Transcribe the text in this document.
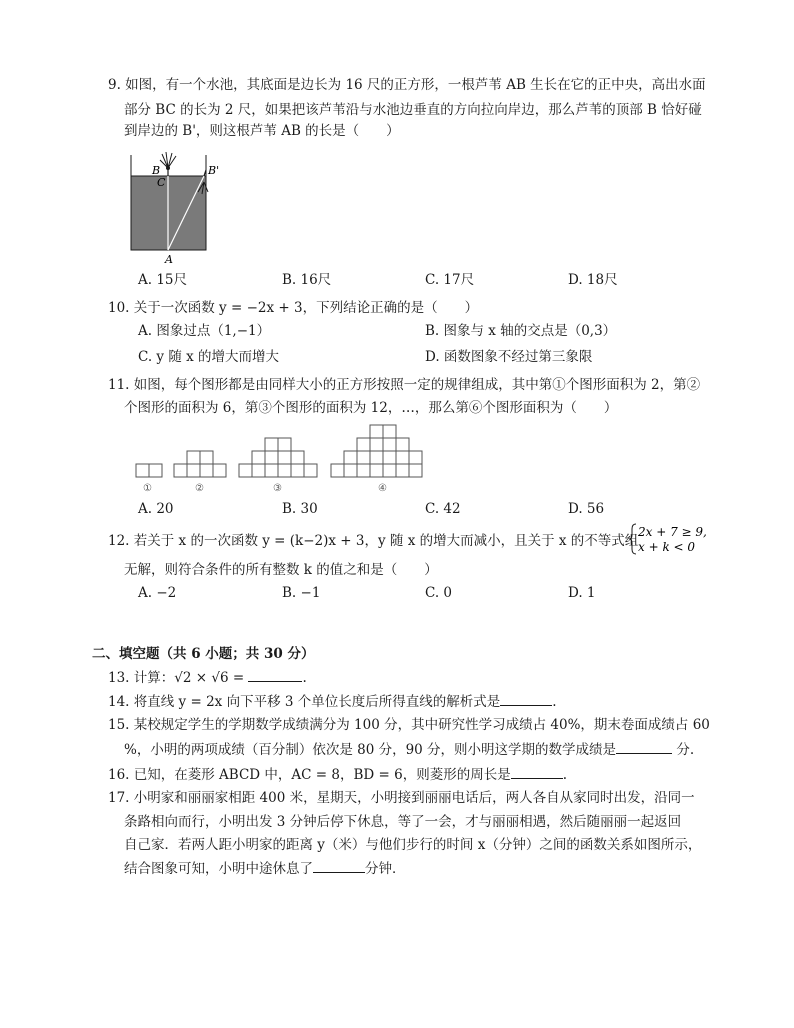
9. 如图，有一个水池，其底面是边长为 16 尺的正方形，一根芦苇 AB 生长在它的正中央，高出水面
部分 BC 的长为 2 尺，如果把该芦苇沿与水池边垂直的方向拉向岸边，那么芦苇的顶部 B 恰好碰
到岸边的 B'，则这根芦苇 AB 的长是（　　）
B
C
B'
A
A. 15尺	B. 16尺	C. 17尺	D. 18尺
10. 关于一次函数 y = −2x + 3，下列结论正确的是（　　）
A. 图象过点（1,−1）	B. 图象与 x 轴的交点是（0,3）
C. y 随 x 的增大而增大	D. 函数图象不经过第三象限
11. 如图，每个图形都是由同样大小的正方形按照一定的规律组成，其中第①个图形面积为 2，第②
个图形的面积为 6，第③个图形的面积为 12，…，那么第⑥个图形面积为（　　）
①	②	③	④
A. 20	B. 30	C. 42	D. 56
12. 若关于 x 的一次函数 y = (k−2)x + 3，y 随 x 的增大而减小，且关于 x 的不等式组
2x + 7 ≥ 9,
x + k < 0
无解，则符合条件的所有整数 k 的值之和是（　　）
A. −2	B. −1	C. 0	D. 1
二、填空题（共 6 小题；共 30 分）
13. 计算：√2 × √6 =	.
14. 将直线 y = 2x 向下平移 3 个单位长度后所得直线的解析式是	.
15. 某校规定学生的学期数学成绩满分为 100 分，其中研究性学习成绩占 40%，期末卷面成绩占 60
%，小明的两项成绩（百分制）依次是 80 分，90 分，则小明这学期的数学成绩是	分.
16. 已知，在菱形 ABCD 中，AC = 8，BD = 6，则菱形的周长是	.
17. 小明家和丽丽家相距 400 米，星期天，小明接到丽丽电话后，两人各自从家同时出发，沿同一
条路相向而行，小明出发 3 分钟后停下休息，等了一会，才与丽丽相遇，然后随丽丽一起返回
自己家．若两人距小明家的距离 y（米）与他们步行的时间 x（分钟）之间的函数关系如图所示，
结合图象可知，小明中途休息了	分钟．
